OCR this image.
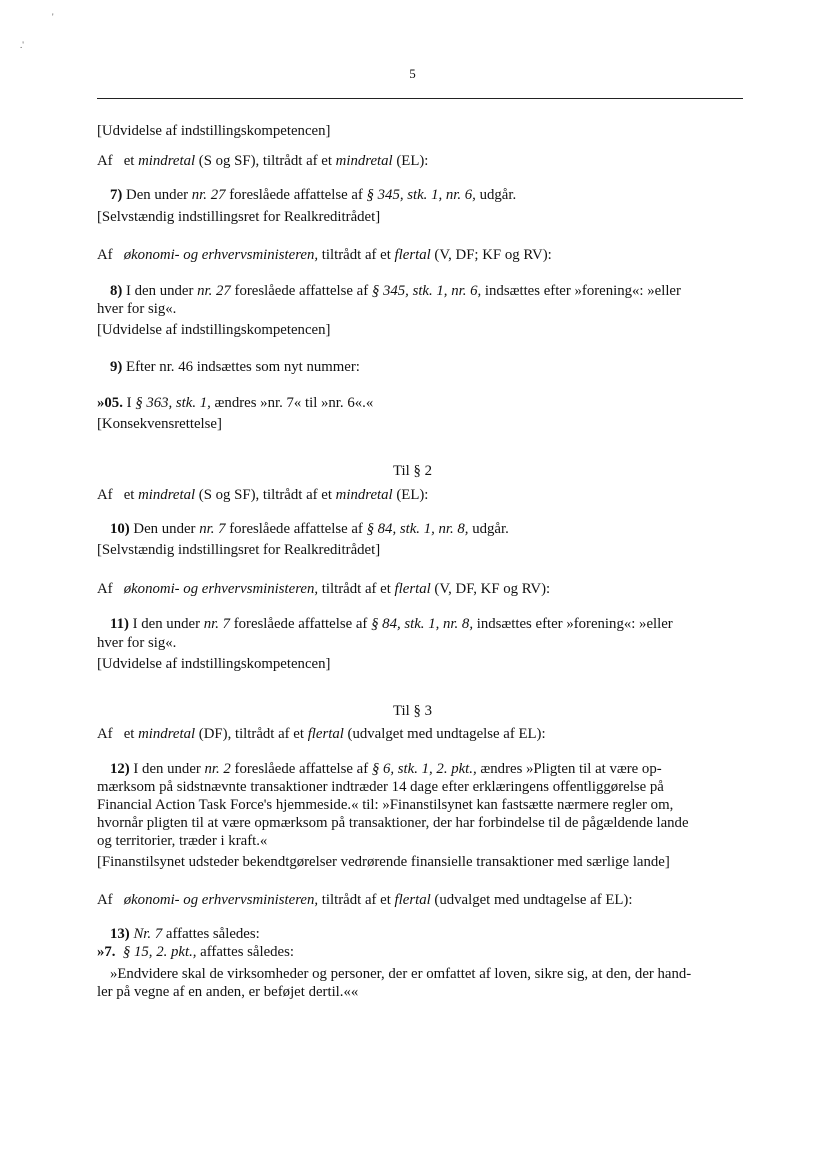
'
.'
5
[Udvidelse af indstillingskompetencen]
Af   et mindretal (S og SF), tiltrådt af et mindretal (EL):
7) Den under nr. 27 foreslåede affattelse af § 345, stk. 1, nr. 6, udgår.
[Selvstændig indstillingsret for Realkreditrådet]
Af   økonomi- og erhvervsministeren, tiltrådt af et flertal (V, DF; KF og RV):
8) I den under nr. 27 foreslåede affattelse af § 345, stk. 1, nr. 6, indsættes efter »forening«: »eller
hver for sig«.
[Udvidelse af indstillingskompetencen]
9) Efter nr. 46 indsættes som nyt nummer:
»05. I § 363, stk. 1, ændres »nr. 7« til »nr. 6«.«
[Konsekvensrettelse]
Til § 2
Af   et mindretal (S og SF), tiltrådt af et mindretal (EL):
10) Den under nr. 7 foreslåede affattelse af § 84, stk. 1, nr. 8, udgår.
[Selvstændig indstillingsret for Realkreditrådet]
Af   økonomi- og erhvervsministeren, tiltrådt af et flertal (V, DF, KF og RV):
11) I den under nr. 7 foreslåede affattelse af § 84, stk. 1, nr. 8, indsættes efter »forening«: »eller
hver for sig«.
[Udvidelse af indstillingskompetencen]
Til § 3
Af   et mindretal (DF), tiltrådt af et flertal (udvalget med undtagelse af EL):
12) I den under nr. 2 foreslåede affattelse af § 6, stk. 1, 2. pkt., ændres »Pligten til at være op-
mærksom på sidstnævnte transaktioner indtræder 14 dage efter erklæringens offentliggørelse på
Financial Action Task Force's hjemmeside.« til: »Finanstilsynet kan fastsætte nærmere regler om,
hvornår pligten til at være opmærksom på transaktioner, der har forbindelse til de pågældende lande
og territorier, træder i kraft.«
[Finanstilsynet udsteder bekendtgørelser vedrørende finansielle transaktioner med særlige lande]
Af   økonomi- og erhvervsministeren, tiltrådt af et flertal (udvalget med undtagelse af EL):
13) Nr. 7 affattes således:
»7. § 15, 2. pkt., affattes således:
»Endvidere skal de virksomheder og personer, der er omfattet af loven, sikre sig, at den, der hand-
ler på vegne af en anden, er beføjet dertil.««
